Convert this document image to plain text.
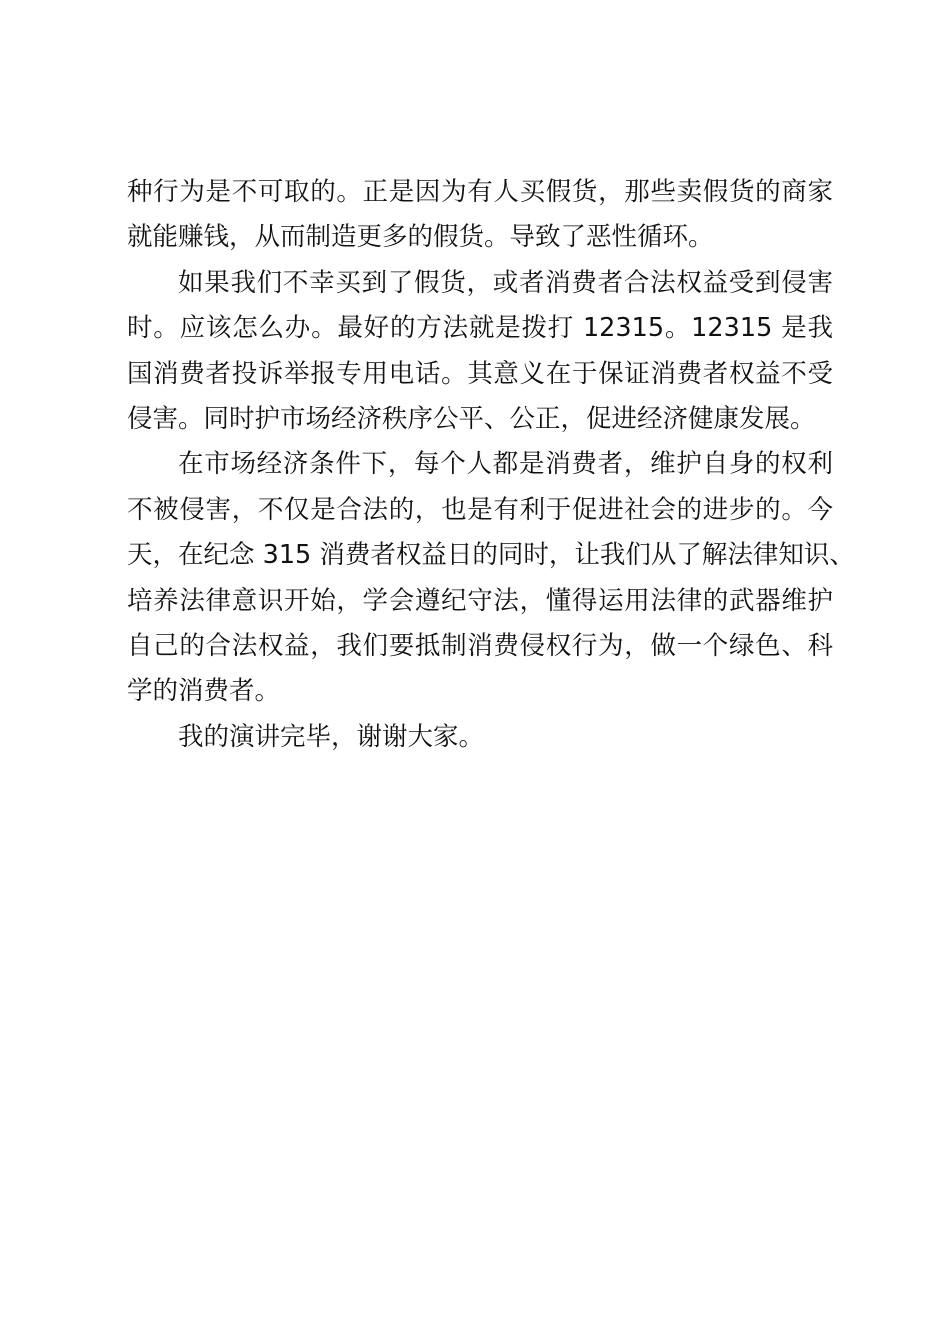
种行为是不可取的。正是因为有人买假货，那些卖假货的商家
就能赚钱，从而制造更多的假货。导致了恶性循环。
如果我们不幸买到了假货，或者消费者合法权益受到侵害
时。应该怎么办。最好的方法就是拨打 12315。12315 是我
国消费者投诉举报专用电话。其意义在于保证消费者权益不受
侵害。同时护市场经济秩序公平、公正，促进经济健康发展。
在市场经济条件下，每个人都是消费者，维护自身的权利
不被侵害，不仅是合法的，也是有利于促进社会的进步的。今
天，在纪念 315 消费者权益日的同时，让我们从了解法律知识、
培养法律意识开始，学会遵纪守法，懂得运用法律的武器维护
自己的合法权益，我们要抵制消费侵权行为，做一个绿色、科
学的消费者。
我的演讲完毕，谢谢大家。
